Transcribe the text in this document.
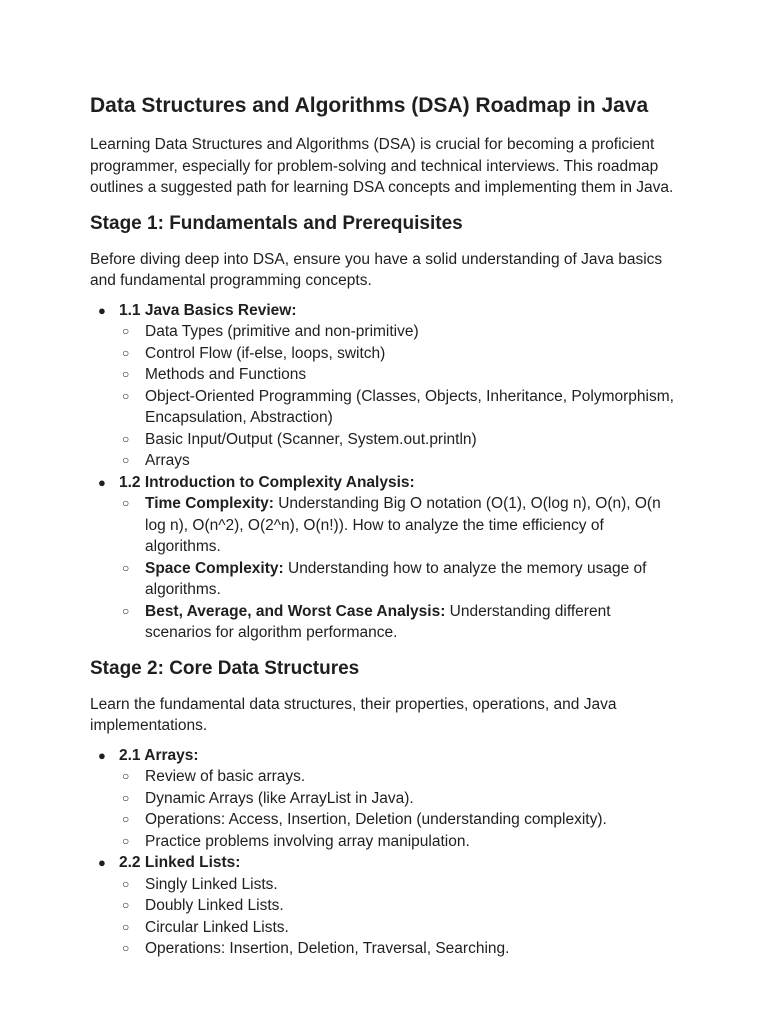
Data Structures and Algorithms (DSA) Roadmap in Java

Learning Data Structures and Algorithms (DSA) is crucial for becoming a proficient programmer, especially for problem-solving and technical interviews. This roadmap outlines a suggested path for learning DSA concepts and implementing them in Java.

Stage 1: Fundamentals and Prerequisites

Before diving deep into DSA, ensure you have a solid understanding of Java basics and fundamental programming concepts.

● 1.1 Java Basics Review:
○ Data Types (primitive and non-primitive)
○ Control Flow (if-else, loops, switch)
○ Methods and Functions
○ Object-Oriented Programming (Classes, Objects, Inheritance, Polymorphism, Encapsulation, Abstraction)
○ Basic Input/Output (Scanner, System.out.println)
○ Arrays
● 1.2 Introduction to Complexity Analysis:
○ Time Complexity: Understanding Big O notation (O(1), O(log n), O(n), O(n log n), O(n^2), O(2^n), O(n!)). How to analyze the time efficiency of algorithms.
○ Space Complexity: Understanding how to analyze the memory usage of algorithms.
○ Best, Average, and Worst Case Analysis: Understanding different scenarios for algorithm performance.
Stage 2: Core Data Structures

Learn the fundamental data structures, their properties, operations, and Java implementations.

● 2.1 Arrays:
○ Review of basic arrays.
○ Dynamic Arrays (like ArrayList in Java).
○ Operations: Access, Insertion, Deletion (understanding complexity).
○ Practice problems involving array manipulation.
● 2.2 Linked Lists:
○ Singly Linked Lists.
○ Doubly Linked Lists.
○ Circular Linked Lists.
○ Operations: Insertion, Deletion, Traversal, Searching.
